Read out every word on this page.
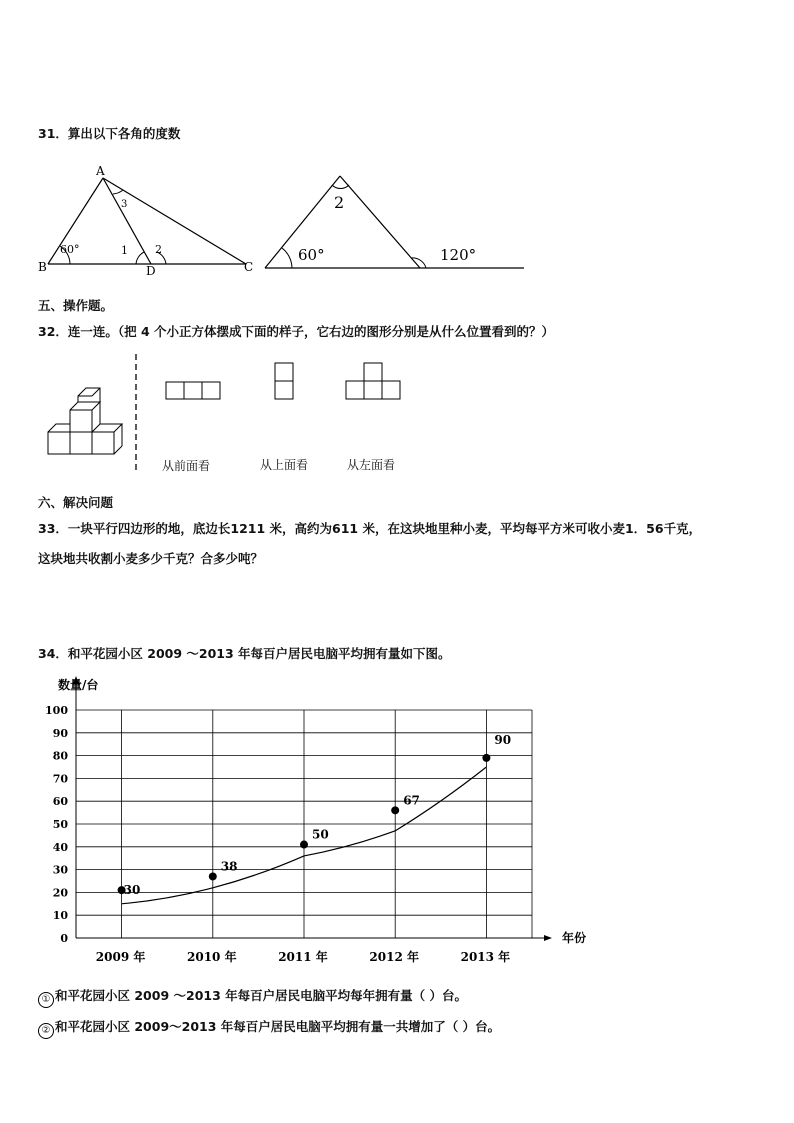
31．算出以下各角的度数
A
B	C
D
60°
3
1 2
2
60°	120°
五、操作题。
32．连一连。（把 4 个小正方体摆成下面的样子，它右边的图形分别是从什么位置看到的？）
从前面看	从上面看	从左面看
六、解决问题
33．一块平行四边形的地，底边长1211 米，高约为611 米，在这块地里种小麦，平均每平方米可收小麦1．56千克，
这块地共收割小麦多少千克？合多少吨？
34．和平花园小区 2009 ～2013 年每百户居民电脑平均拥有量如下图。
0
10
20
30
40
50
60
70
80
90
100
2009 年	2010 年	2011 年	2012 年	2013 年
数量/台
年份
30
38
50
67
90
① 和平花园小区 2009 ～2013 年每百户居民电脑平均每年拥有量（ ）台。
② 和平花园小区 2009～2013 年每百户居民电脑平均拥有量一共增加了（ ）台。
